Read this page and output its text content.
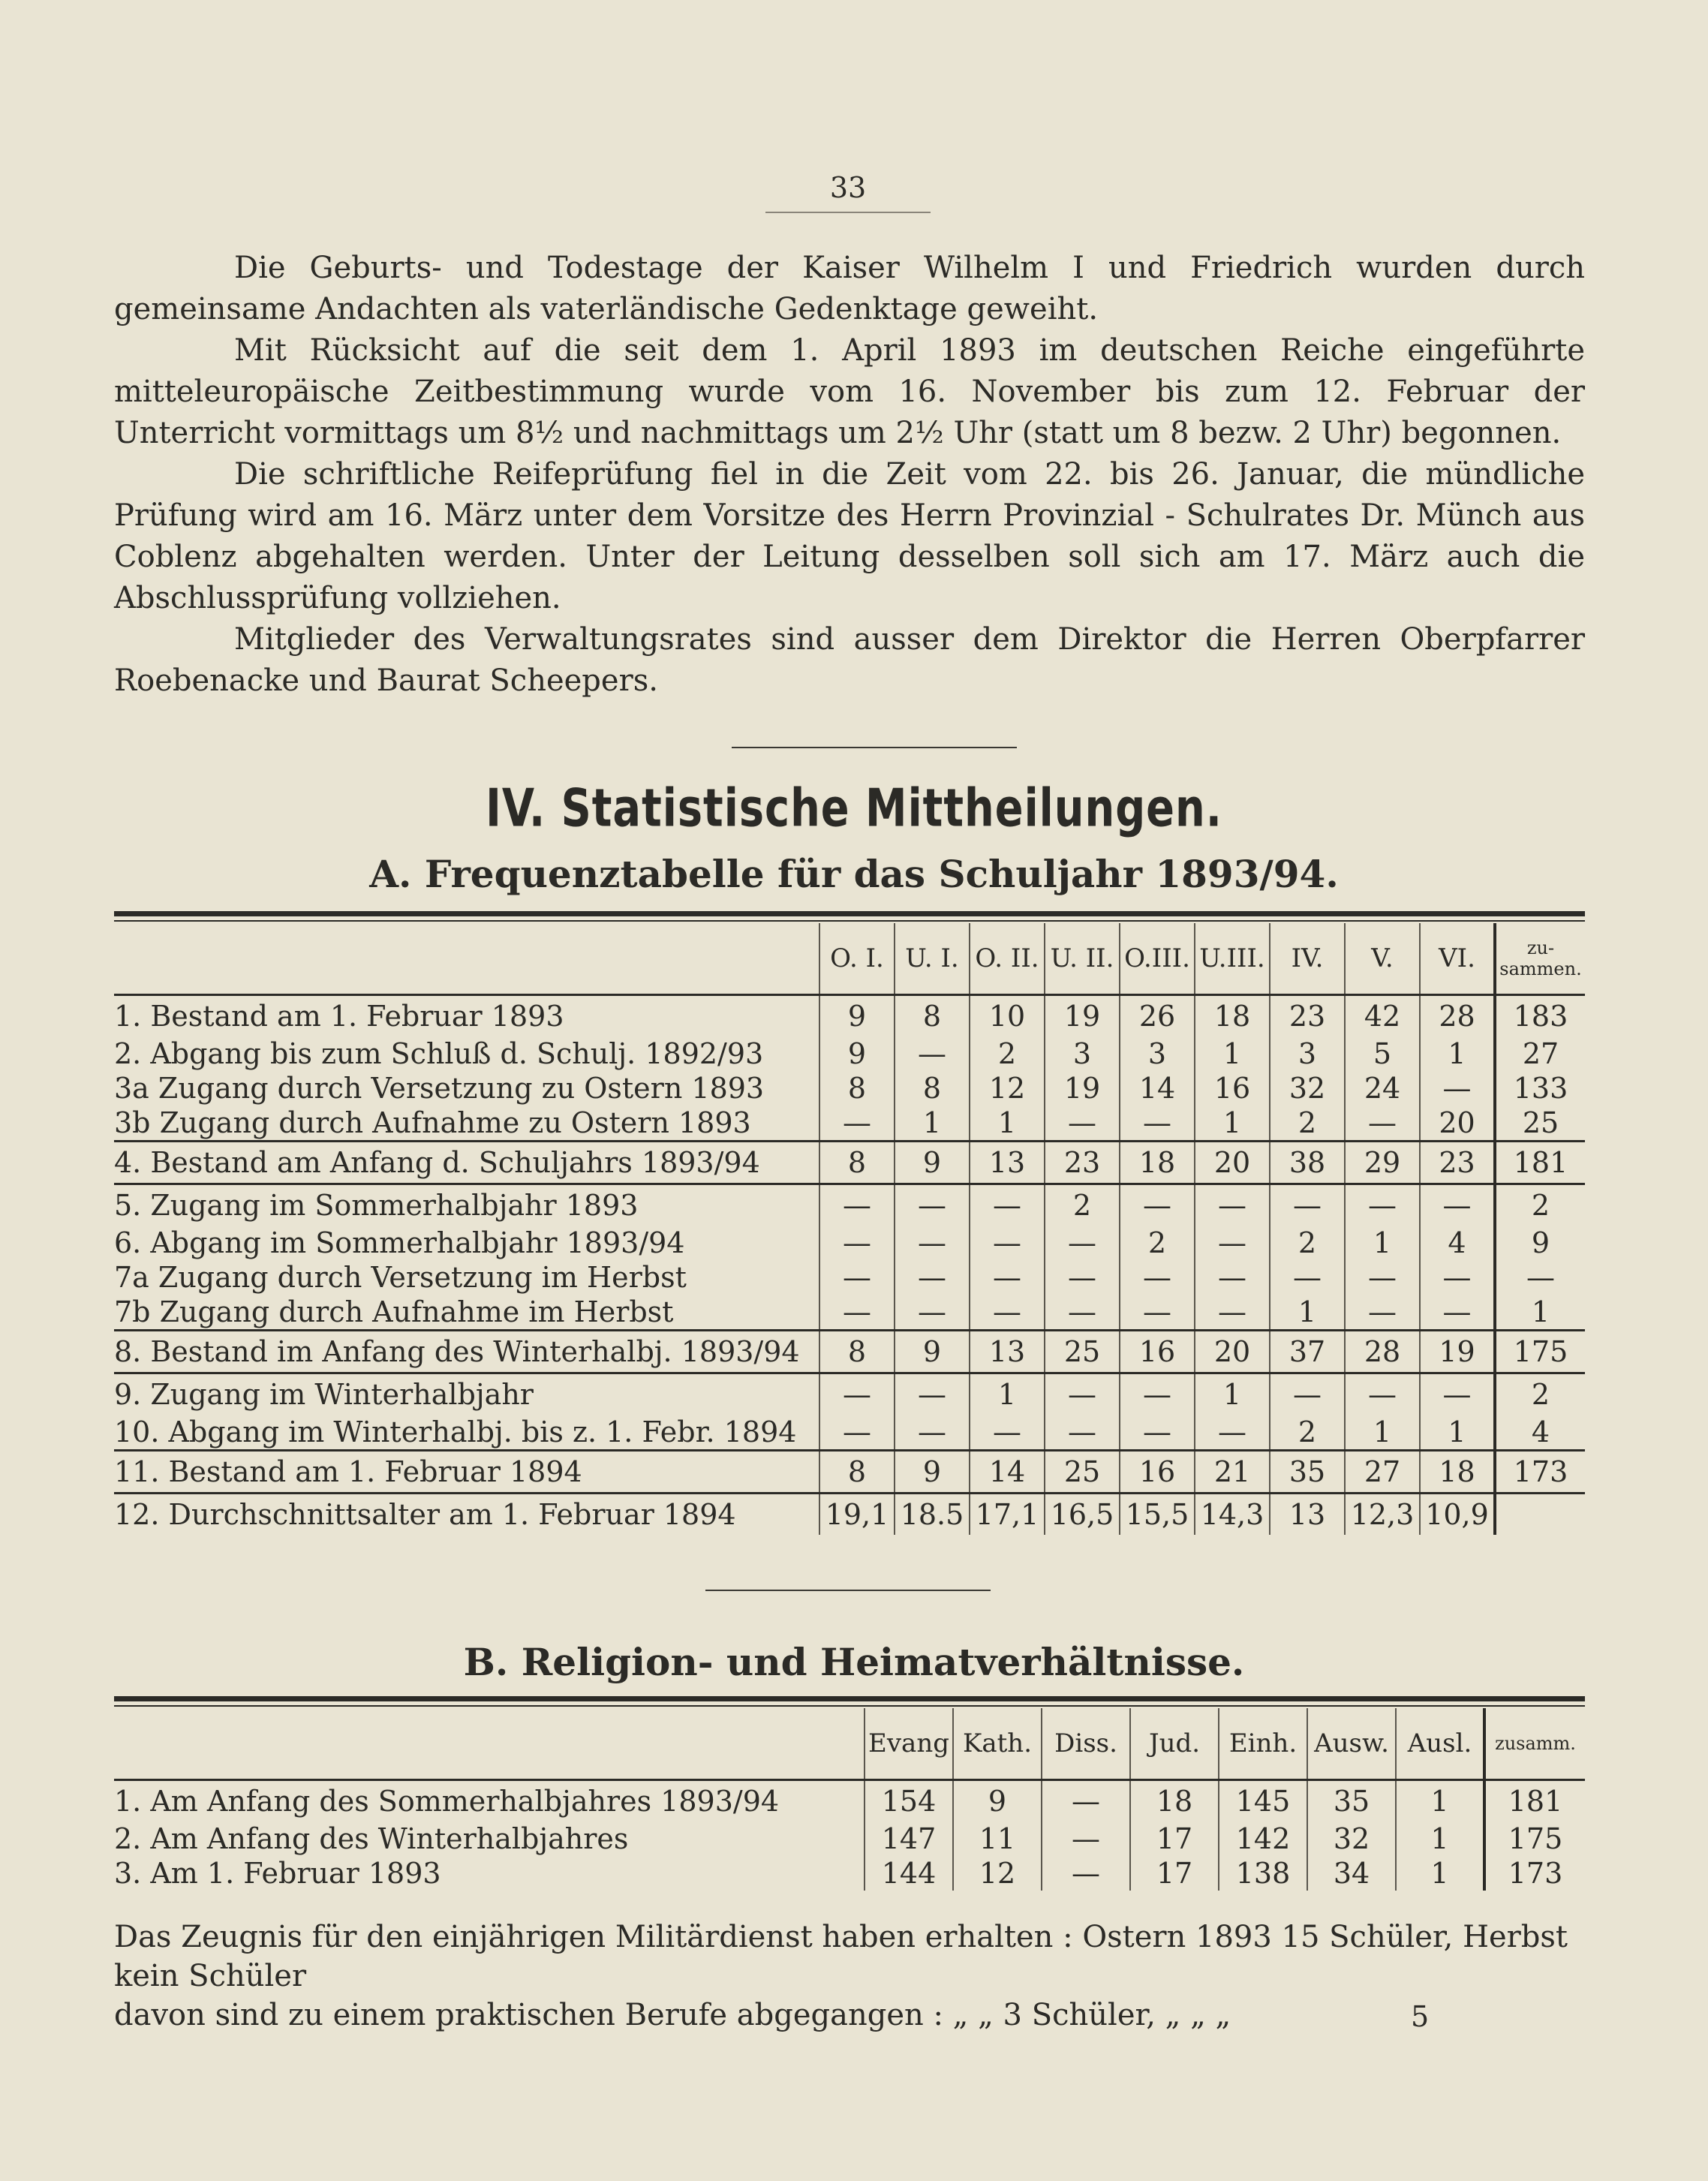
33

Die Geburts- und Todestage der Kaiser Wilhelm I und Friedrich wurden durch gemeinsame Andachten als vaterländische Gedenktage geweiht.

Mit Rücksicht auf die seit dem 1. April 1893 im deutschen Reiche eingeführte mitteleuropäische Zeitbestimmung wurde vom 16. November bis zum 12. Februar der Unterricht vormittags um 8½ und nachmittags um 2½ Uhr (statt um 8 bezw. 2 Uhr) begonnen.

Die schriftliche Reifeprüfung fiel in die Zeit vom 22. bis 26. Januar, die mündliche Prüfung wird am 16. März unter dem Vorsitze des Herrn Provinzial - Schulrates Dr. Münch aus Coblenz abgehalten werden. Unter der Leitung desselben soll sich am 17. März auch die Abschlussprüfung vollziehen.

Mitglieder des Verwaltungsrates sind ausser dem Direktor die Herren Oberpfarrer Roebenacke und Baurat Scheepers.

IV. Statistische Mittheilungen.
A. Frequenztabelle für das Schuljahr 1893/94.
	O. I.	U. I.	O. II.	U. II.	O.III.	U.III.	IV.	V.	VI.	zu-sammen.
1. Bestand am 1. Februar 1893	9	8	10	19	26	18	23	42	28	183
2. Abgang bis zum Schluß d. Schulj. 1892/93	9	—	2	3	3	1	3	5	1	27
3a Zugang durch Versetzung zu Ostern 1893	8	8	12	19	14	16	32	24	—	133
3b Zugang durch Aufnahme zu Ostern 1893	—	1	1	—	—	1	2	—	20	25
4. Bestand am Anfang d. Schuljahrs 1893/94	8	9	13	23	18	20	38	29	23	181
5. Zugang im Sommerhalbjahr 1893	—	—	—	2	—	—	—	—	—	2
6. Abgang im Sommerhalbjahr 1893/94	—	—	—	—	2	—	2	1	4	9
7a Zugang durch Versetzung im Herbst	—	—	—	—	—	—	—	—	—	—
7b Zugang durch Aufnahme im Herbst	—	—	—	—	—	—	1	—	—	1
8. Bestand im Anfang des Winterhalbj. 1893/94	8	9	13	25	16	20	37	28	19	175
9. Zugang im Winterhalbjahr	—	—	1	—	—	1	—	—	—	2
10. Abgang im Winterhalbj. bis z. 1. Febr. 1894	—	—	—	—	—	—	2	1	1	4
11. Bestand am 1. Februar 1894	8	9	14	25	16	21	35	27	18	173
12. Durchschnittsalter am 1. Februar 1894	19,1	18.5	17,1	16,5	15,5	14,3	13	12,3	10,9	
B. Religion- und Heimatverhältnisse.
	Evang	Kath.	Diss.	Jud.	Einh.	Ausw.	Ausl.	zusamm.
1. Am Anfang des Sommerhalbjahres 1893/94	154	9	—	18	145	35	1	181
2. Am Anfang des Winterhalbjahres	147	11	—	17	142	32	1	175
3. Am 1. Februar 1893	144	12	—	17	138	34	1	173
Das Zeugnis für den einjährigen Militärdienst haben erhalten : Ostern 1893 15 Schüler, Herbst kein Schüler
davon sind zu einem praktischen Berufe abgegangen : „ „ 3 Schüler, „ „ „	5
